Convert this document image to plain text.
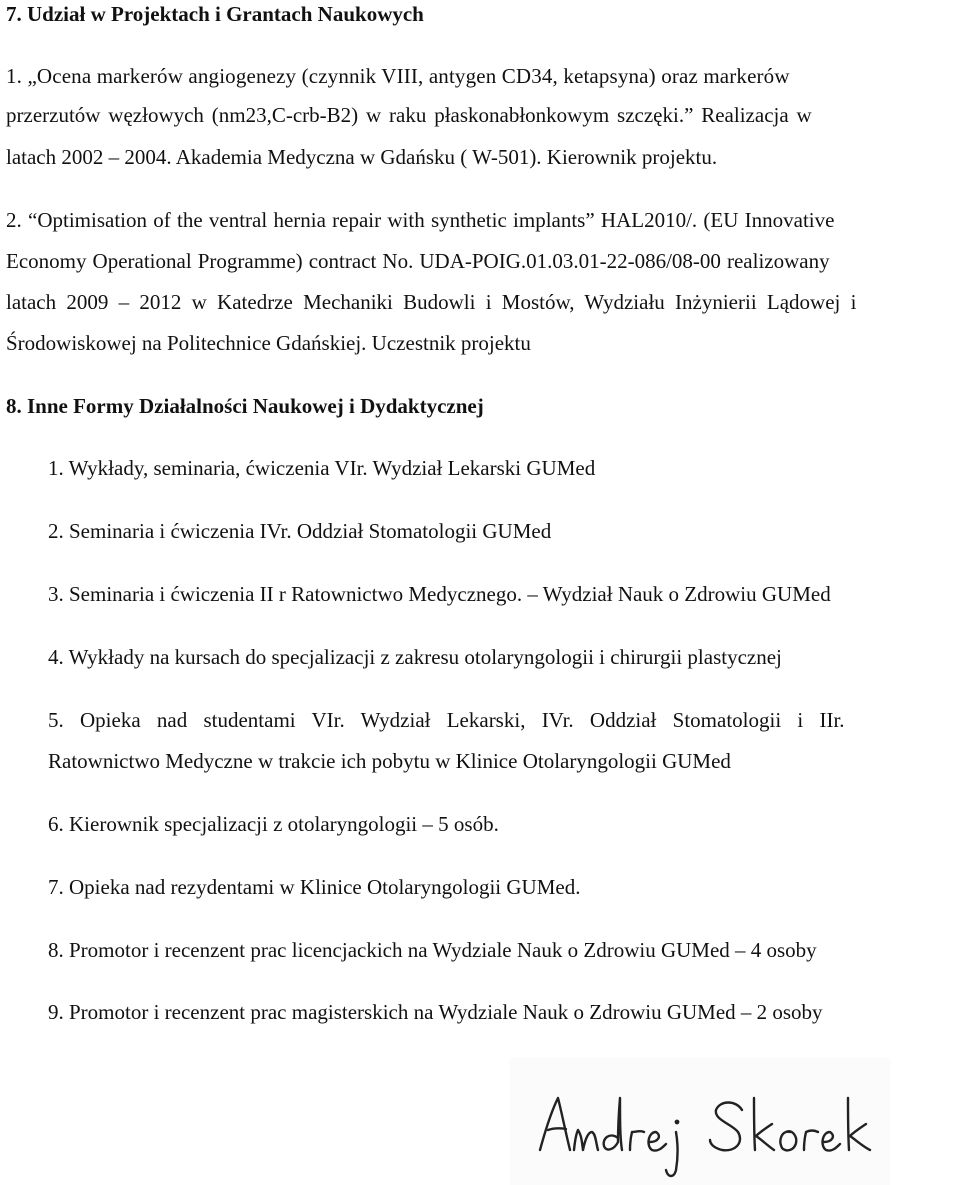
7. Udział w Projektach i Grantach Naukowych
1. „Ocena markerów angiogenezy (czynnik VIII, antygen CD34, ketapsyna) oraz markerów
przerzutów węzłowych (nm23,C-crb-B2) w raku płaskonabłonkowym szczęki.” Realizacja w
latach 2002 – 2004. Akademia Medyczna w Gdańsku ( W-501). Kierownik projektu.
2. “Optimisation of the ventral hernia repair with synthetic implants” HAL2010/. (EU Innovative
Economy Operational Programme) contract No. UDA-POIG.01.03.01-22-086/08-00 realizowany
latach 2009 – 2012 w Katedrze Mechaniki Budowli i Mostów, Wydziału Inżynierii Lądowej i
Środowiskowej na Politechnice Gdańskiej. Uczestnik projektu
8. Inne Formy Działalności Naukowej i Dydaktycznej
1. Wykłady, seminaria, ćwiczenia VIr. Wydział Lekarski GUMed
2. Seminaria i ćwiczenia IVr. Oddział Stomatologii GUMed
3. Seminaria i ćwiczenia II r Ratownictwo Medycznego. – Wydział Nauk o Zdrowiu GUMed
4. Wykłady na kursach do specjalizacji z zakresu otolaryngologii i chirurgii plastycznej
5. Opieka nad studentami VIr. Wydział Lekarski, IVr. Oddział Stomatologii i IIr.
Ratownictwo Medyczne w trakcie ich pobytu w Klinice Otolaryngologii GUMed
6. Kierownik specjalizacji z otolaryngologii – 5 osób.
7. Opieka nad rezydentami w Klinice Otolaryngologii GUMed.
8. Promotor i recenzent prac licencjackich na Wydziale Nauk o Zdrowiu GUMed – 4 osoby
9. Promotor i recenzent prac magisterskich na Wydziale Nauk o Zdrowiu GUMed – 2 osoby
